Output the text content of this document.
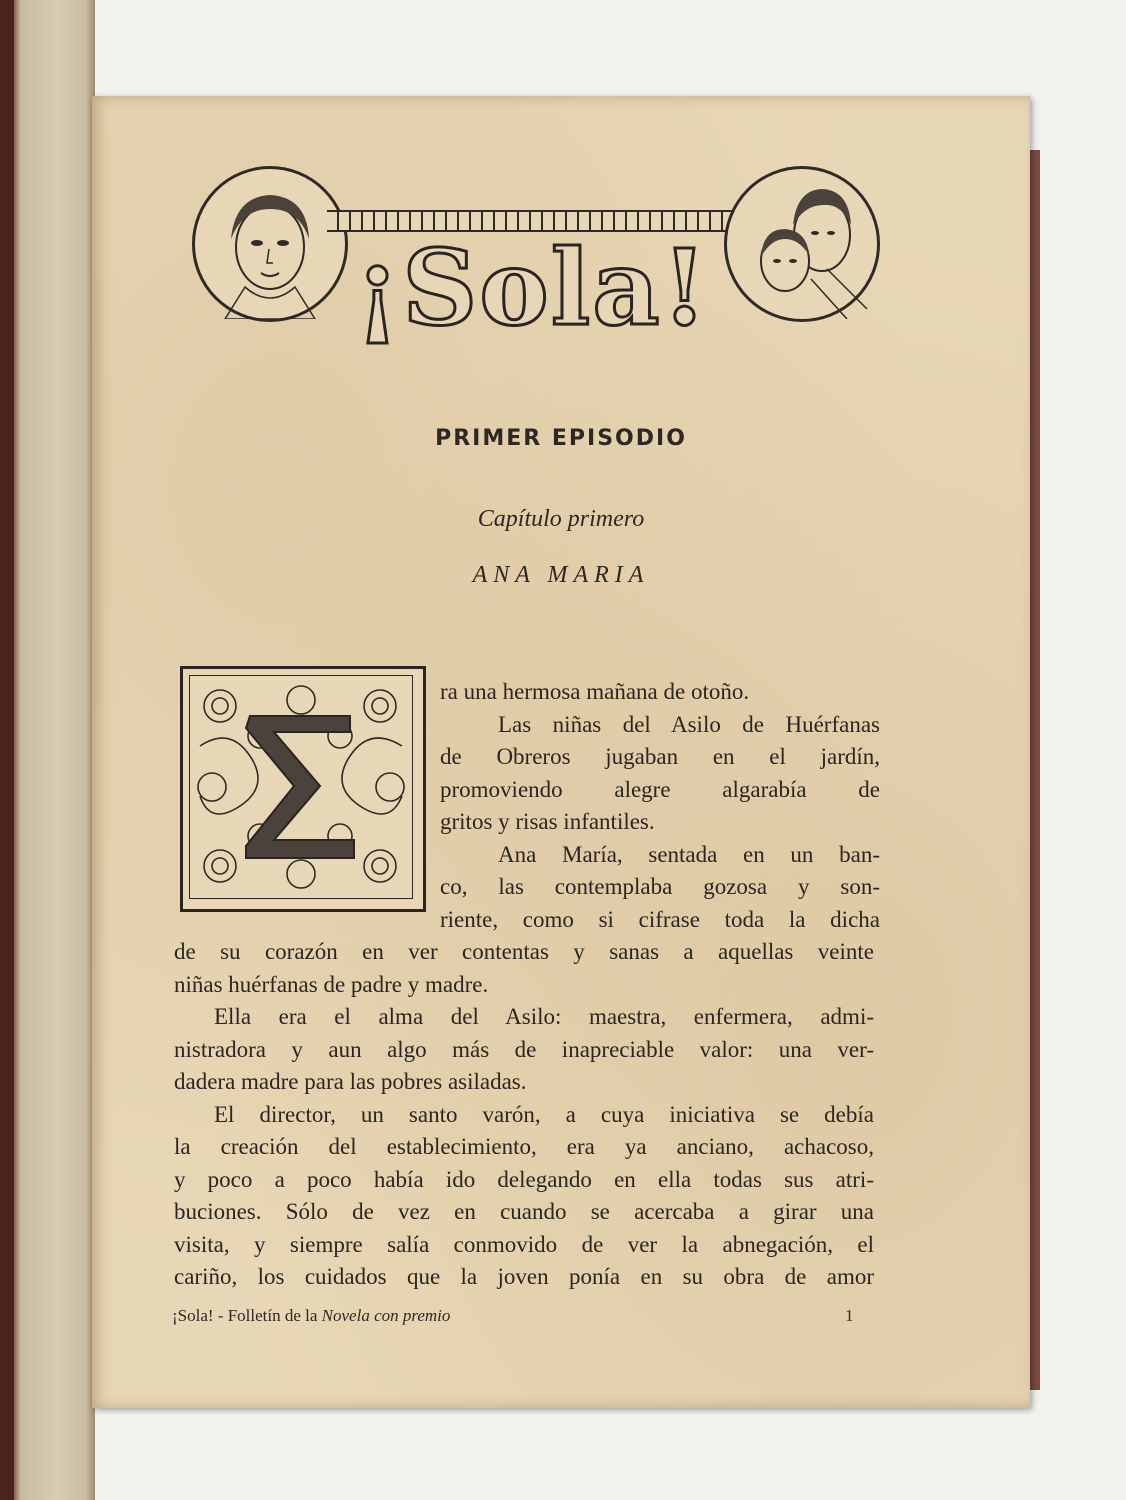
¡Sola!
PRIMER EPISODIO
Capítulo primero
ANA MARIA
ra una hermosa mañana de otoño.
Las niñas del Asilo de Huérfanas
de Obreros jugaban en el jardín,
promoviendo alegre algarabía de
gritos y risas infantiles.
Ana María, sentada en un ban-
co, las contemplaba gozosa y son-
riente, como si cifrase toda la dicha
de su corazón en ver contentas y sanas a aquellas veinte
niñas huérfanas de padre y madre.
Ella era el alma del Asilo: maestra, enfermera, admi-
nistradora y aun algo más de inapreciable valor: una ver-
dadera madre para las pobres asiladas.
El director, un santo varón, a cuya iniciativa se debía
la creación del establecimiento, era ya anciano, achacoso,
y poco a poco había ido delegando en ella todas sus atri-
buciones. Sólo de vez en cuando se acercaba a girar una
visita, y siempre salía conmovido de ver la abnegación, el
cariño, los cuidados que la joven ponía en su obra de amor
¡Sola! - Folletín de la Novela con premio	1
